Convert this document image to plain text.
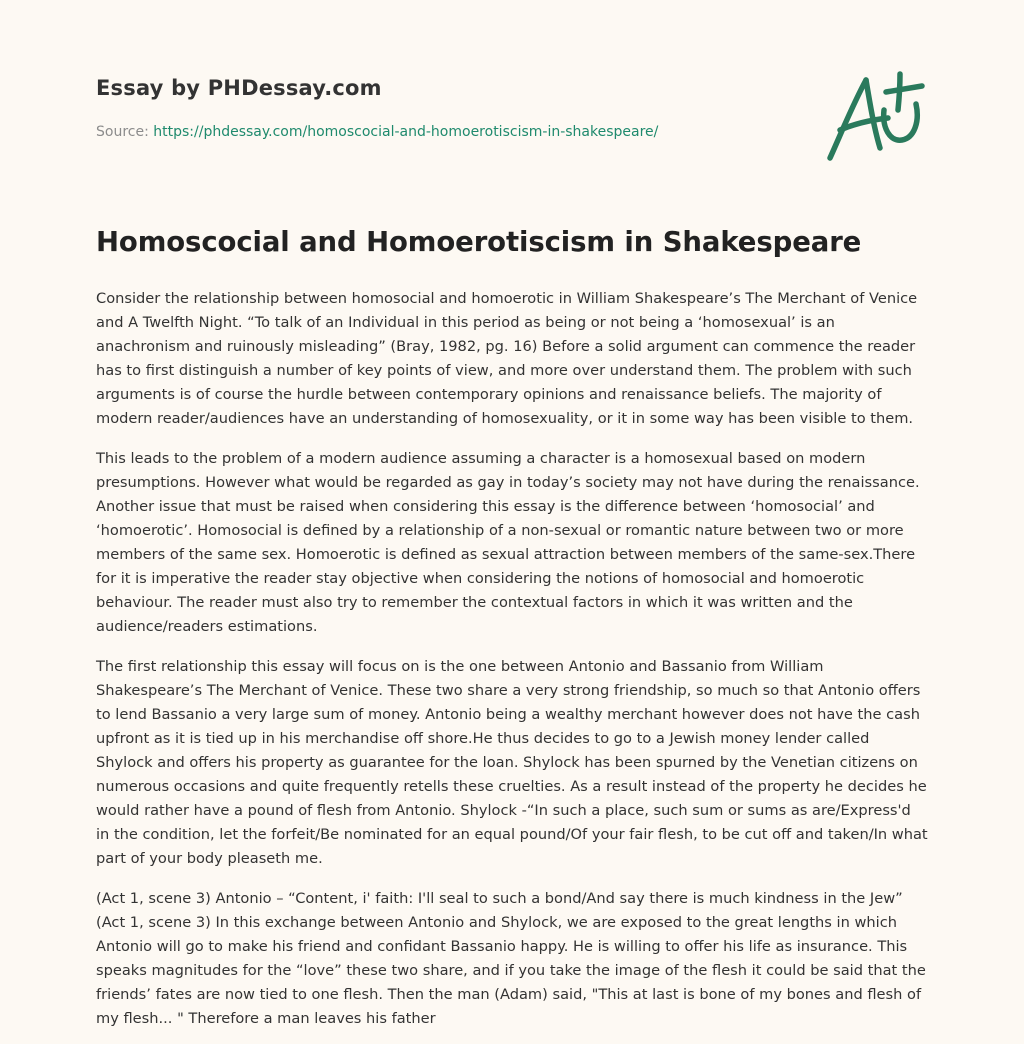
Essay by PHDessay.com
Source: https://phdessay.com/homoscocial-and-homoerotiscism-in-shakespeare/
Homoscocial and Homoerotiscism in Shakespeare

Consider the relationship between homosocial and homoerotic in William Shakespeare’s The Merchant of Venice and A Twelfth Night. “To talk of an Individual in this period as being or not being a ‘homosexual’ is an anachronism and ruinously misleading” (Bray, 1982, pg. 16) Before a solid argument can commence the reader has to first distinguish a number of key points of view, and more over understand them. The problem with such arguments is of course the hurdle between contemporary opinions and renaissance beliefs. The majority of modern reader/audiences have an understanding of homosexuality, or it in some way has been visible to them.

This leads to the problem of a modern audience assuming a character is a homosexual based on modern presumptions. However what would be regarded as gay in today’s society may not have during the renaissance. Another issue that must be raised when considering this essay is the difference between ‘homosocial’ and ‘homoerotic’. Homosocial is defined by a relationship of a non-sexual or romantic nature between two or more members of the same sex. Homoerotic is defined as sexual attraction between members of the same-sex.There for it is imperative the reader stay objective when considering the notions of homosocial and homoerotic behaviour. The reader must also try to remember the contextual factors in which it was written and the audience/readers estimations.

The first relationship this essay will focus on is the one between Antonio and Bassanio from William Shakespeare’s The Merchant of Venice. These two share a very strong friendship, so much so that Antonio offers to lend Bassanio a very large sum of money. Antonio being a wealthy merchant however does not have the cash upfront as it is tied up in his merchandise off shore.He thus decides to go to a Jewish money lender called Shylock and offers his property as guarantee for the loan. Shylock has been spurned by the Venetian citizens on numerous occasions and quite frequently retells these cruelties. As a result instead of the property he decides he would rather have a pound of flesh from Antonio. Shylock -“In such a place, such sum or sums as are/Express'd in the condition, let the forfeit/Be nominated for an equal pound/Of your fair flesh, to be cut off and taken/In what part of your body pleaseth me.

(Act 1, scene 3) Antonio – “Content, i' faith: I'll seal to such a bond/And say there is much kindness in the Jew” (Act 1, scene 3) In this exchange between Antonio and Shylock, we are exposed to the great lengths in which Antonio will go to make his friend and confidant Bassanio happy. He is willing to offer his life as insurance. This speaks magnitudes for the “love” these two share, and if you take the image of the flesh it could be said that the friends’ fates are now tied to one flesh. Then the man (Adam) said, "This at last is bone of my bones and flesh of my flesh... " Therefore a man leaves his father
